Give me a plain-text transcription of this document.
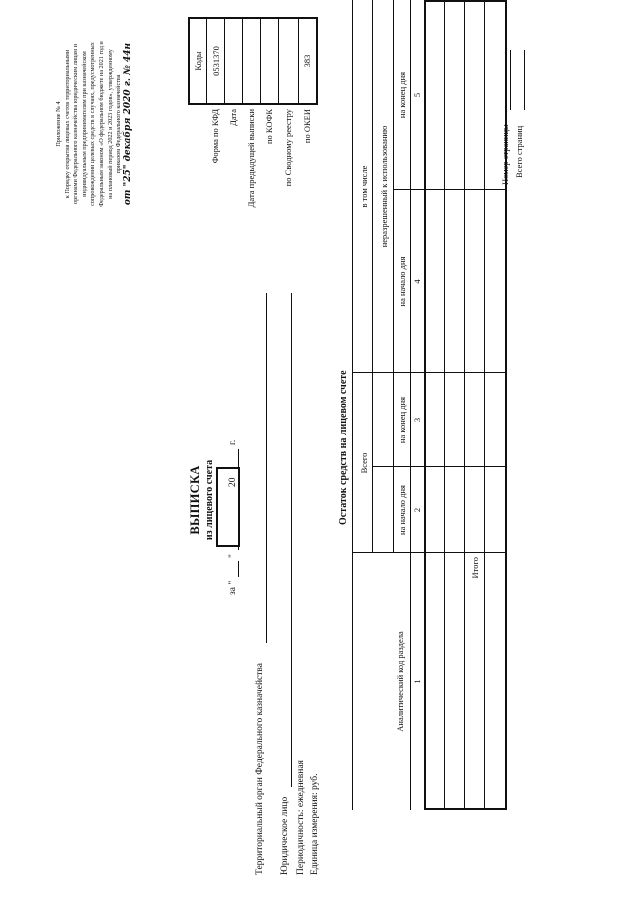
Приложение № 4 к Порядку открытия лицевых счетов территориальными органами Федерального казначейства юридическим лицам и индивидуальным предпринимателям при казначейском сопровождении целевых средств в случаях, предусмотренных Федеральным законом «О федеральном бюджете на 2021 год и на плановый период 2022 и 2023 годов», утвержденному приказом Федерального казначейства от "25" декабря 2020 г. № 44н
ВЫПИСКА из лицевого счета
за "
"
20
г.
Форма по КФД Дата Дата предыдущей выписки по КОФК по Сводному реестру по ОКЕИ
Коды 0531370	383
Территориальный орган Федерального казначейства Юридическое лицо Периодичность: ежедневная Единица измерения: руб.
Остаток средств на лицевом счете
Аналитический код раздела
Всего
в том числе неразрешенный к использованию
на начало дня
на конец дня
на начало дня
на конец дня
1
2
3
4
5
Итого
Номер страницы Всего страниц
